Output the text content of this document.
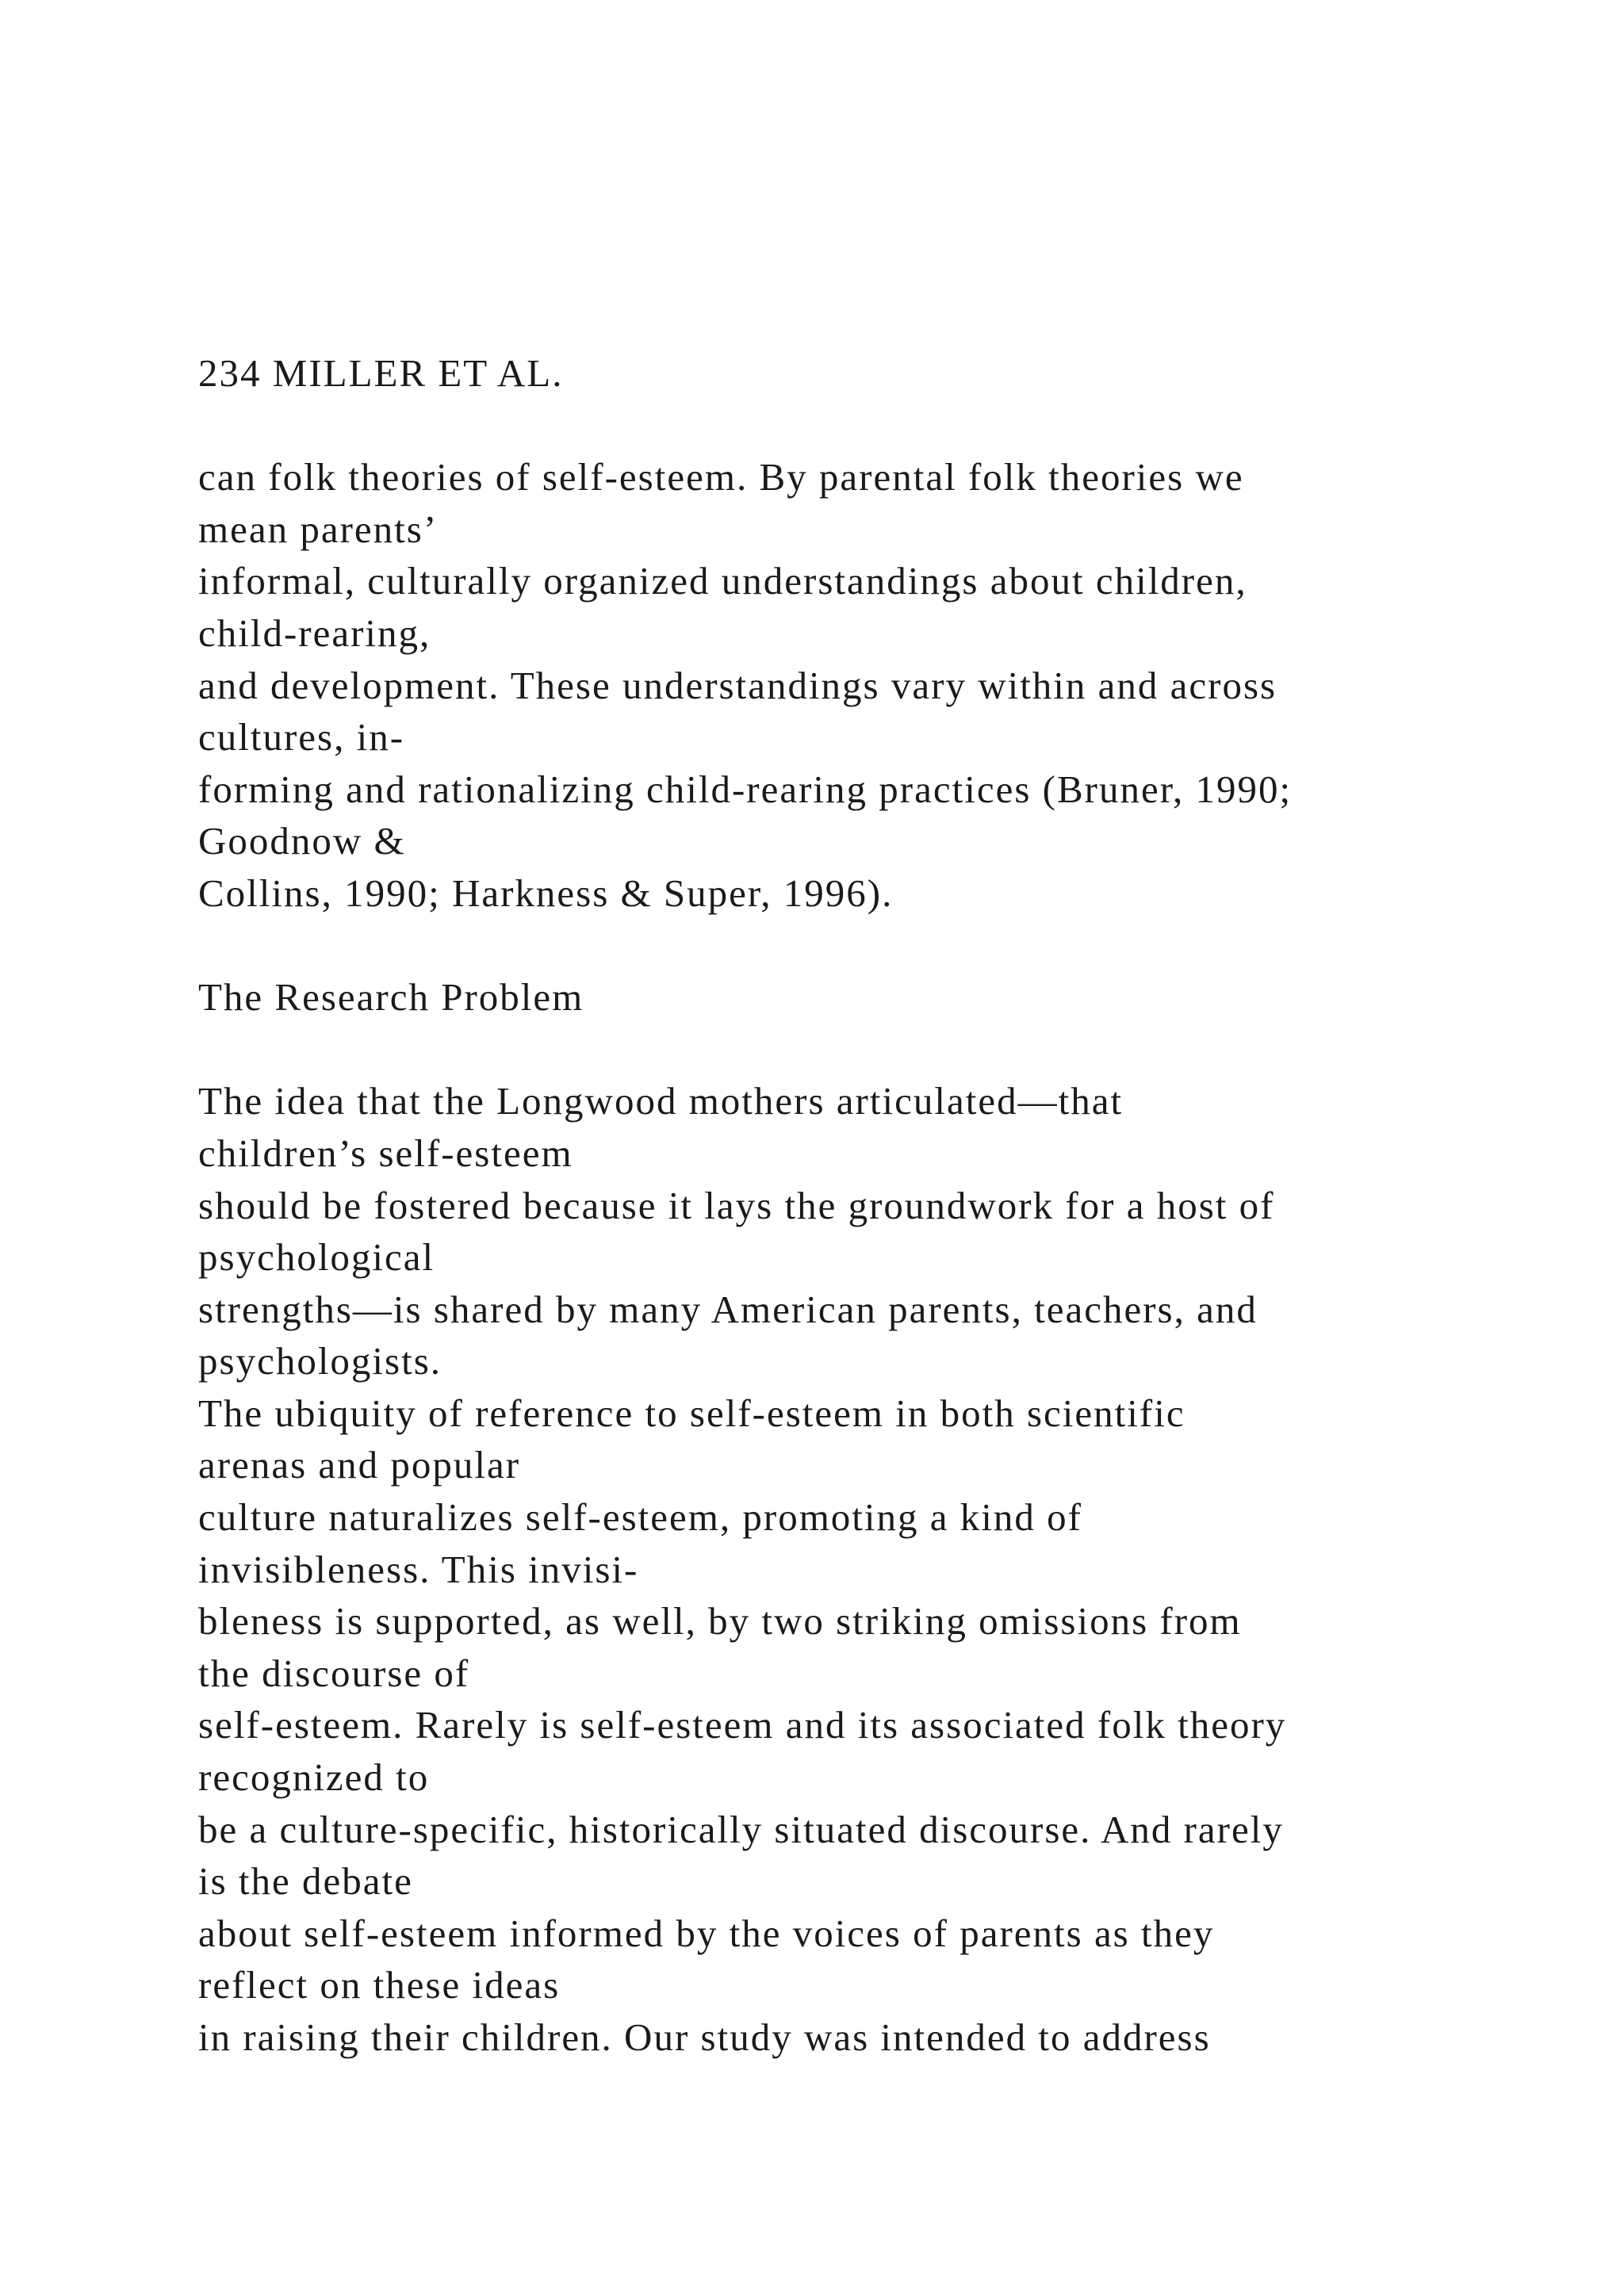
234 MILLER ET AL.
can folk theories of self-esteem. By parental folk theories we
mean parents’
informal, culturally organized understandings about children,
child-rearing,
and development. These understandings vary within and across
cultures, in-
forming and rationalizing child-rearing practices (Bruner, 1990;
Goodnow &
Collins, 1990; Harkness & Super, 1996).
The Research Problem
The idea that the Longwood mothers articulated—that
children’s self-esteem
should be fostered because it lays the groundwork for a host of
psychological
strengths—is shared by many American parents, teachers, and
psychologists.
The ubiquity of reference to self-esteem in both scientific
arenas and popular
culture naturalizes self-esteem, promoting a kind of
invisibleness. This invisi-
bleness is supported, as well, by two striking omissions from
the discourse of
self-esteem. Rarely is self-esteem and its associated folk theory
recognized to
be a culture-specific, historically situated discourse. And rarely
is the debate
about self-esteem informed by the voices of parents as they
reflect on these ideas
in raising their children. Our study was intended to address
